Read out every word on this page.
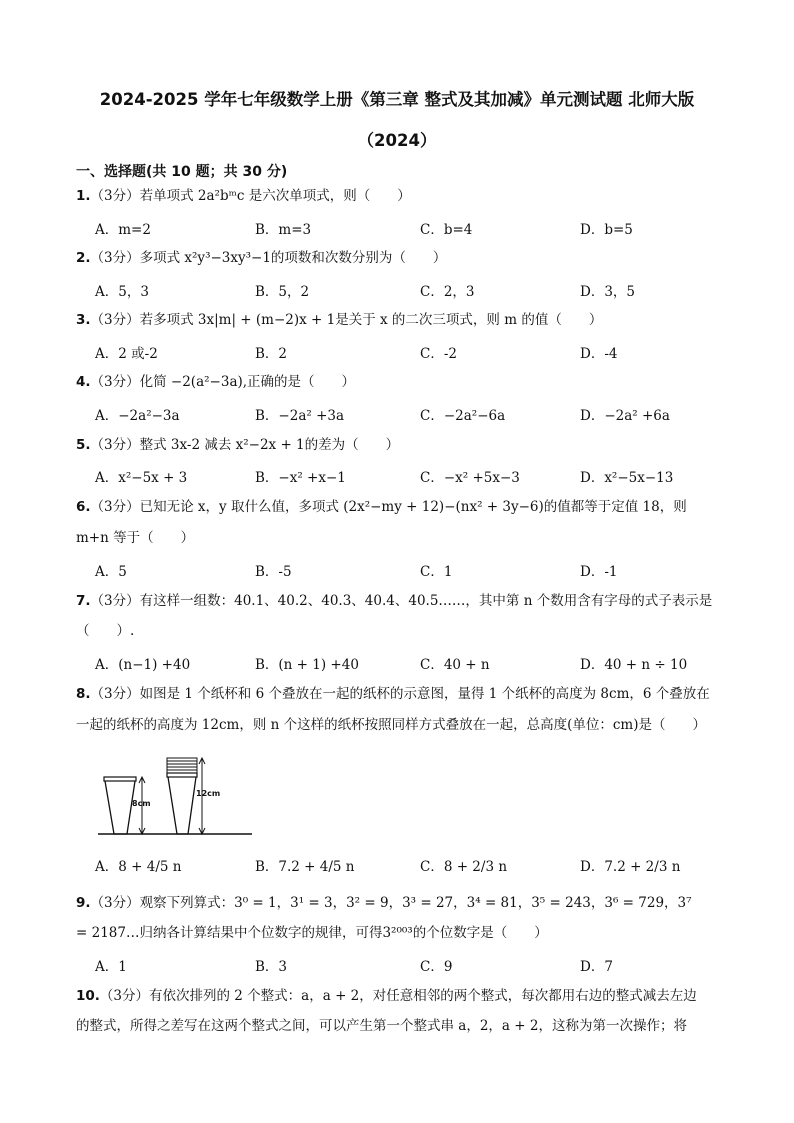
2024-2025 学年七年级数学上册《第三章 整式及其加减》单元测试题 北师大版
（2024）
一、选择题(共 10 题；共 30 分)
1.（3分）若单项式 2a²bᵐc 是六次单项式，则（　　）
A．m=2	B．m=3	C．b=4	D．b=5
2.（3分）多项式 x²y³−3xy³−1的项数和次数分别为（　　）
A．5，3	B．5，2	C．2，3	D．3，5
3.（3分）若多项式 3x|m| + (m−2)x + 1是关于 x 的二次三项式，则 m 的值（　　）
A．2 或-2	B．2	C．-2	D．-4
4.（3分）化简 −2(a²−3a),正确的是（　　）
A．−2a²−3a	B．−2a² +3a	C．−2a²−6a	D．−2a² +6a
5.（3分）整式 3x-2 减去 x²−2x + 1的差为（　　）
A．x²−5x + 3	B．−x² +x−1	C．−x² +5x−3	D．x²−5x−13
6.（3分）已知无论 x，y 取什么值，多项式 (2x²−my + 12)−(nx² + 3y−6)的值都等于定值 18，则
m+n 等于（　　）
A．5	B．-5	C．1	D．-1
7.（3分）有这样一组数：40.1、40.2、40.3、40.4、40.5……，其中第 n 个数用含有字母的式子表示是
（　　）.
A．(n−1) +40	B．(n + 1) +40	C．40 + n	D．40 + n ÷ 10
8.（3分）如图是 1 个纸杯和 6 个叠放在一起的纸杯的示意图，量得 1 个纸杯的高度为 8cm，6 个叠放在
一起的纸杯的高度为 12cm，则 n 个这样的纸杯按照同样方式叠放在一起，总高度(单位：cm)是（　　）
8cm
12cm
A．8 + 4/5 n	B．7.2 + 4/5 n	C．8 + 2/3 n	D．7.2 + 2/3 n
9.（3分）观察下列算式：3⁰ = 1，3¹ = 3，3² = 9，3³ = 27，3⁴ = 81，3⁵ = 243，3⁶ = 729，3⁷
= 2187…归纳各计算结果中个位数字的规律，可得3²⁰⁰³的个位数字是（　　）
A．1	B．3	C．9	D．7
10.（3分）有依次排列的 2 个整式：a，a + 2，对任意相邻的两个整式，每次都用右边的整式减去左边
的整式，所得之差写在这两个整式之间，可以产生第一个整式串 a，2，a + 2，这称为第一次操作；将
